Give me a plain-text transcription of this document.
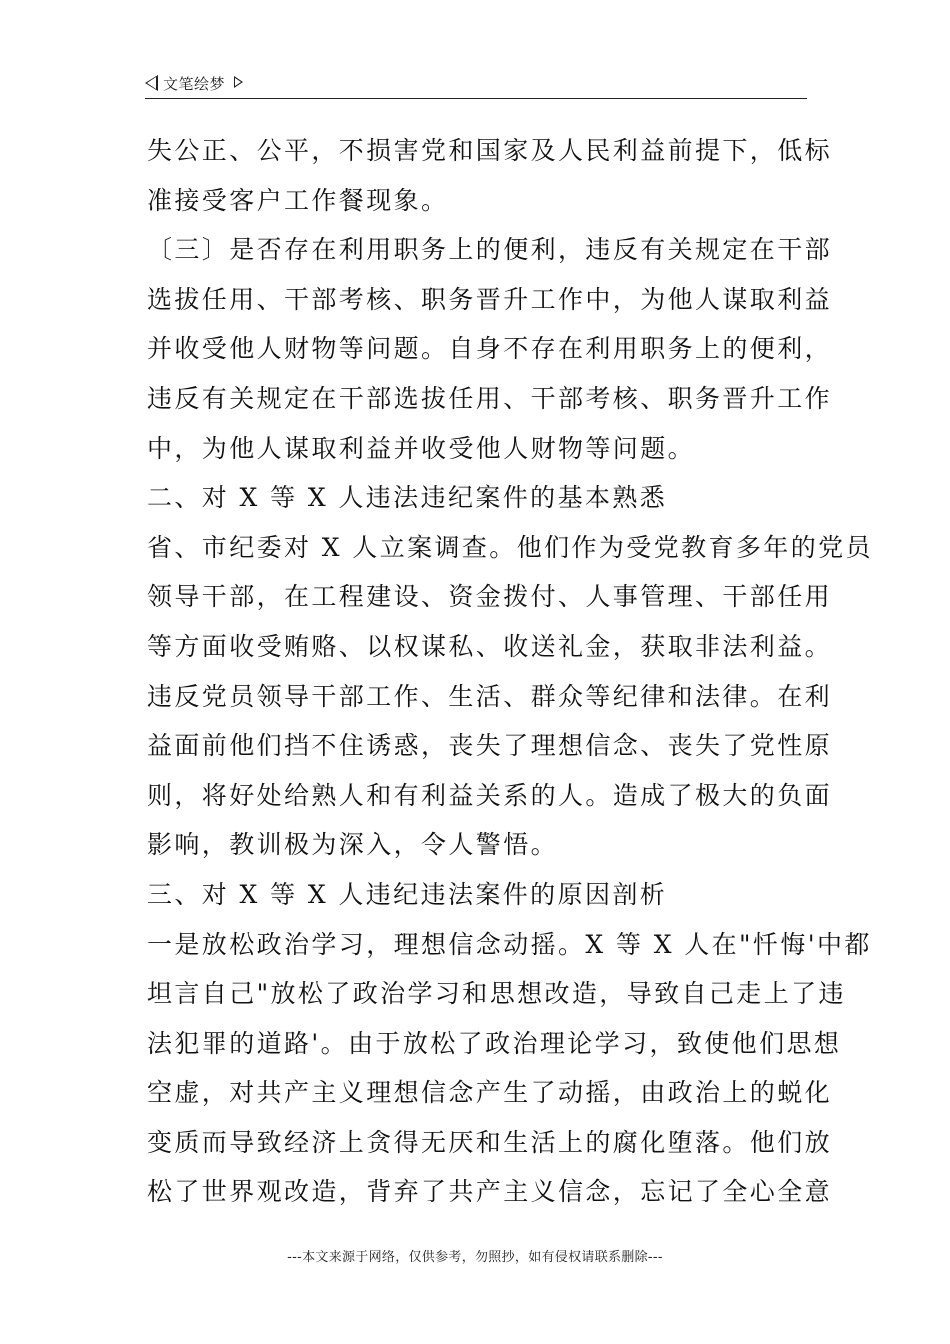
文笔绘梦
失公正、公平，不损害党和国家及人民利益前提下，低标
准接受客户工作餐现象。
〔三〕是否存在利用职务上的便利，违反有关规定在干部
选拔任用、干部考核、职务晋升工作中，为他人谋取利益
并收受他人财物等问题。自身不存在利用职务上的便利，
违反有关规定在干部选拔任用、干部考核、职务晋升工作
中，为他人谋取利益并收受他人财物等问题。
二、对 X 等 X 人违法违纪案件的基本熟悉
省、市纪委对 X 人立案调查。他们作为受党教育多年的党员
领导干部，在工程建设、资金拨付、人事管理、干部任用
等方面收受贿赂、以权谋私、收送礼金，获取非法利益。
违反党员领导干部工作、生活、群众等纪律和法律。在利
益面前他们挡不住诱惑，丧失了理想信念、丧失了党性原
则，将好处给熟人和有利益关系的人。造成了极大的负面
影响，教训极为深入，令人警悟。
三、对 X 等 X 人违纪违法案件的原因剖析
一是放松政治学习，理想信念动摇。X 等 X 人在"忏悔'中都
坦言自己"放松了政治学习和思想改造，导致自己走上了违
法犯罪的道路'。由于放松了政治理论学习，致使他们思想
空虚，对共产主义理想信念产生了动摇，由政治上的蜕化
变质而导致经济上贪得无厌和生活上的腐化堕落。他们放
松了世界观改造，背弃了共产主义信念，忘记了全心全意
---本文来源于网络，仅供参考，勿照抄，如有侵权请联系删除---
